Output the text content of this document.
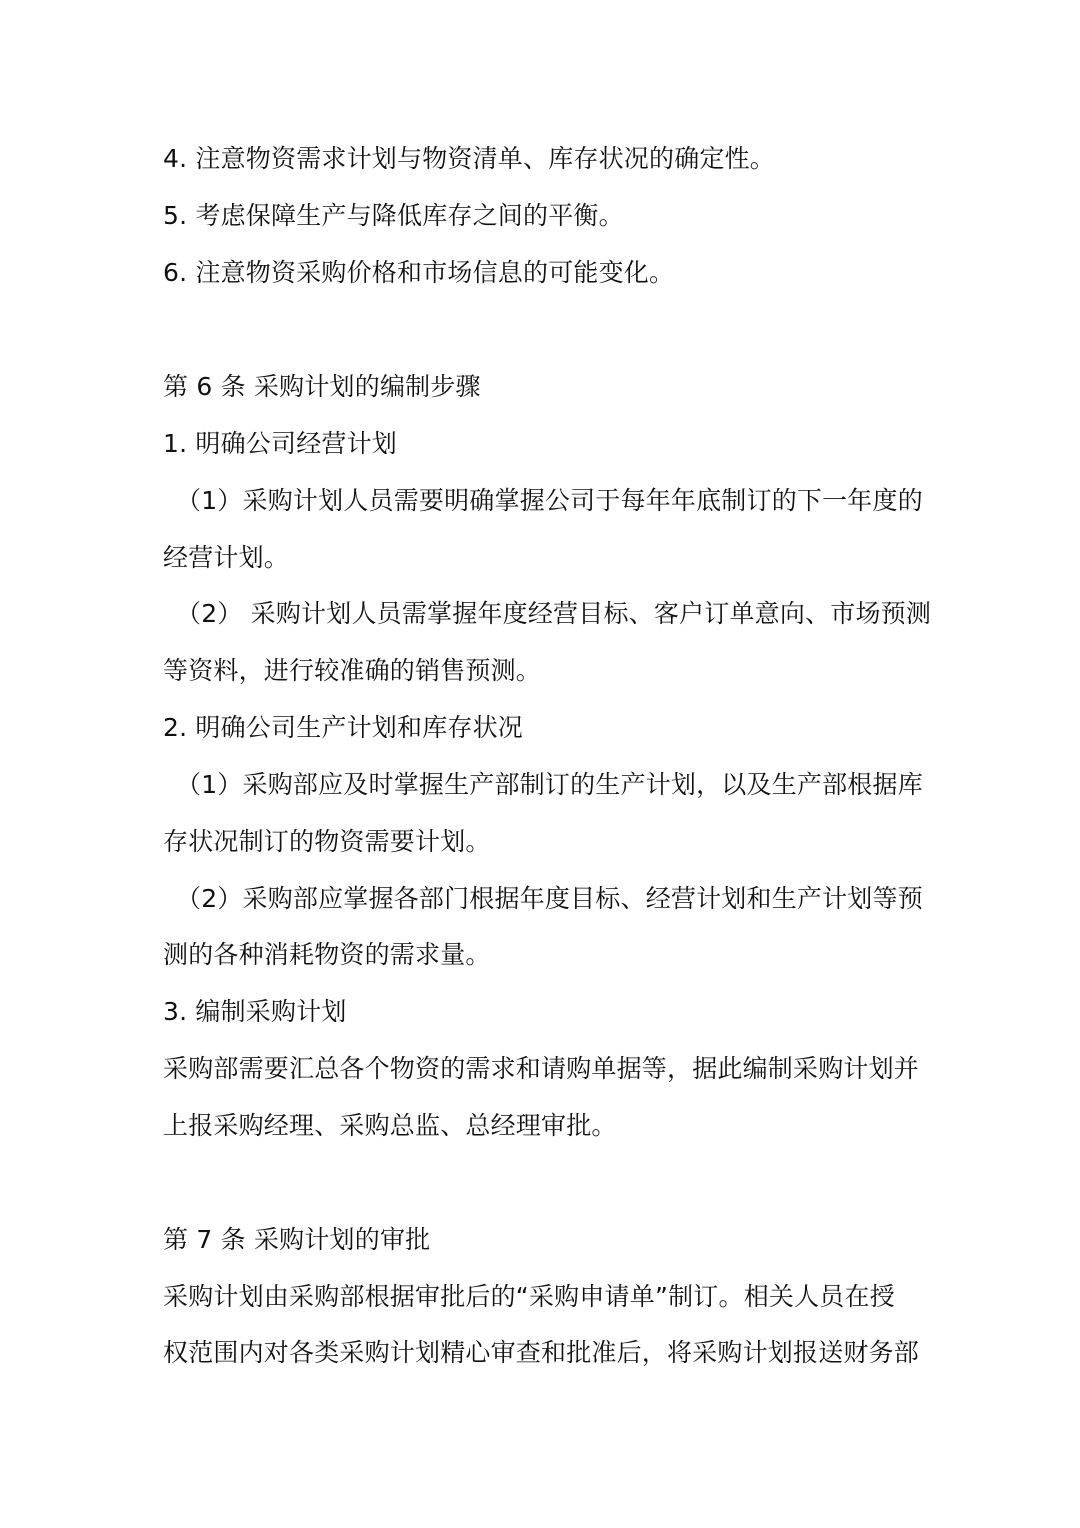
4. 注意物资需求计划与物资清单、库存状况的确定性。
5. 考虑保障生产与降低库存之间的平衡。
6. 注意物资采购价格和市场信息的可能变化。
第 6 条 采购计划的编制步骤
1. 明确公司经营计划
（1）采购计划人员需要明确掌握公司于每年年底制订的下一年度的
经营计划。
（2） 采购计划人员需掌握年度经营目标、客户订单意向、市场预测
等资料，进行较准确的销售预测。
2. 明确公司生产计划和库存状况
（1）采购部应及时掌握生产部制订的生产计划，以及生产部根据库
存状况制订的物资需要计划。
（2）采购部应掌握各部门根据年度目标、经营计划和生产计划等预
测的各种消耗物资的需求量。
3. 编制采购计划
采购部需要汇总各个物资的需求和请购单据等，据此编制采购计划并
上报采购经理、采购总监、总经理审批。
第 7 条 采购计划的审批
采购计划由采购部根据审批后的“采购申请单”制订。相关人员在授
权范围内对各类采购计划精心审查和批准后，将采购计划报送财务部
